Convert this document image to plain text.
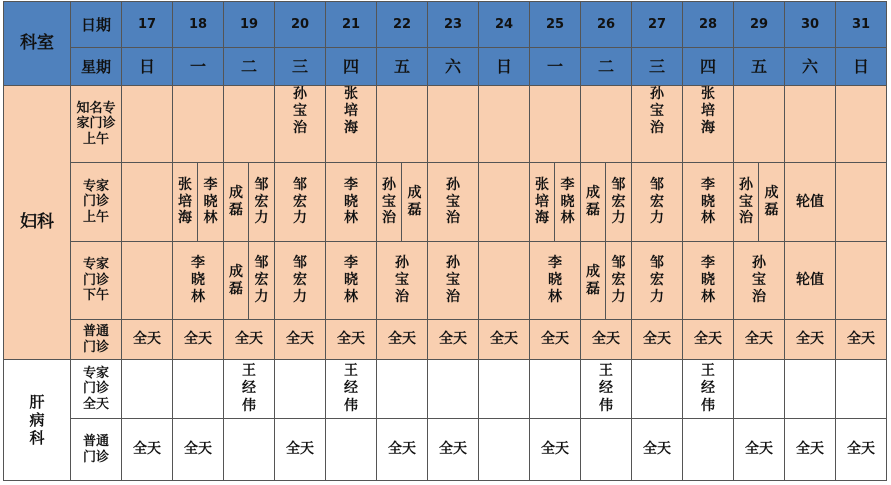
科室	日期	17	18		19		20	21	22		23	24	25		26		27	28	29		30	31
	星期	日	一		二		三	四	五		六	日	一		二		三	四	五		六	日
妇科	知名专家门诊上午						孙宝治	张培海									孙宝治	张培海				
	专家门诊上午		张培海	李晓林	成磊	邹宏力	邹宏力	李晓林	孙宝治	成磊	孙宝治		张培海	李晓林	成磊	邹宏力	邹宏力	李晓林	孙宝治	成磊	轮值	
	专家门诊下午		李晓林		成磊	邹宏力	邹宏力	李晓林	孙宝治		孙宝治		李晓林		成磊	邹宏力	邹宏力	李晓林	孙宝治		轮值	
	普通门诊	全天	全天		全天		全天	全天	全天		全天	全天	全天		全天		全天	全天	全天		全天	全天
肝病科	专家门诊全天				王经伟			王经伟							王经伟			王经伟				
	普通门诊	全天	全天				全天		全天		全天		全天				全天		全天		全天	全天
